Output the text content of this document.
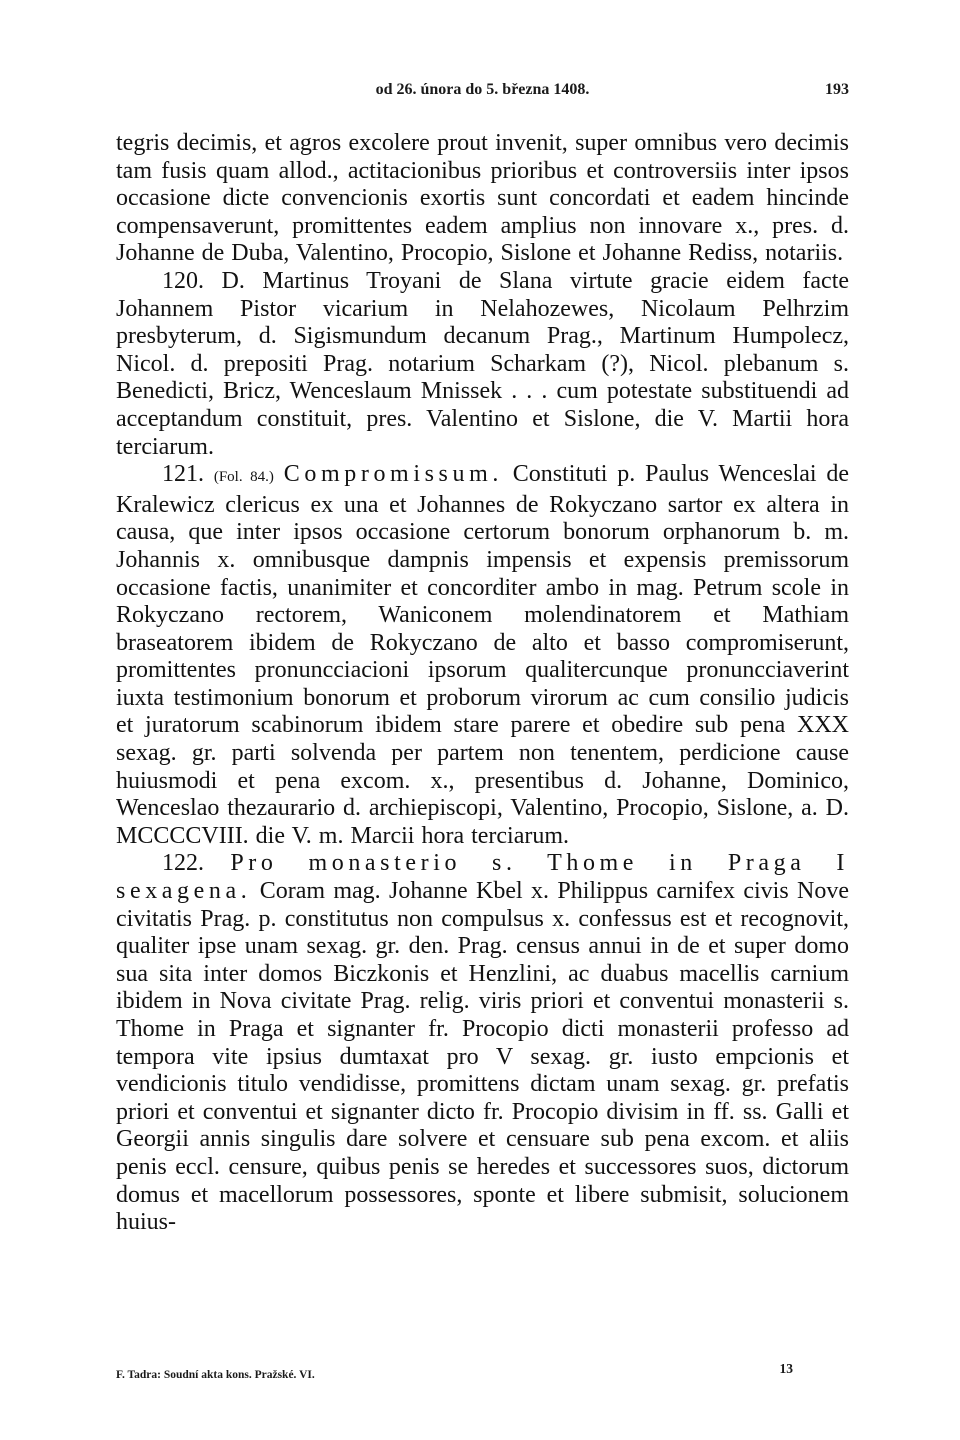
od 26. února do 5. března 1408.	193

tegris decimis, et agros excolere prout invenit, super omnibus vero decimis tam fusis quam allod., actitacionibus prioribus et controversiis inter ipsos occasione dicte convencionis exortis sunt concordati et eadem hincinde compensaverunt, promittentes eadem amplius non innovare x., pres. d. Johanne de Duba, Valentino, Procopio, Sislone et Johanne Rediss, notariis.

120. D. Martinus Troyani de Slana virtute gracie eidem facte Johannem Pistor vicarium in Nelahozewes, Nicolaum Pelhrzim presbyterum, d. Sigismundum decanum Prag., Martinum Humpolecz, Nicol. d. prepositi Prag. notarium Scharkam (?), Nicol. plebanum s. Benedicti, Bricz, Wenceslaum Mnissek . . . cum potestate substituendi ad acceptandum constituit, pres. Valentino et Sislone, die V. Martii hora terciarum.

121. (Fol. 84.) Compromissum. Constituti p. Paulus Wenceslai de Kralewicz clericus ex una et Johannes de Rokyczano sartor ex altera in causa, que inter ipsos occasione certorum bonorum orphanorum b. m. Johannis x. omnibusque dampnis impensis et expensis premissorum occasione factis, unanimiter et concorditer ambo in mag. Petrum scole in Rokyczano rectorem, Waniconem molendinatorem et Mathiam braseatorem ibidem de Rokyczano de alto et basso compromiserunt, promittentes pronuncciacioni ipsorum qualitercunque pronuncciaverint iuxta testimonium bonorum et proborum virorum ac cum consilio judicis et juratorum scabinorum ibidem stare parere et obedire sub pena XXX sexag. gr. parti solvenda per partem non tenentem, perdicione cause huiusmodi et pena excom. x., presentibus d. Johanne, Dominico, Wenceslao thezaurario d. archiepiscopi, Valentino, Procopio, Sislone, a. D. MCCCCVIII. die V. m. Marcii hora terciarum.

122. Pro monasterio s. Thome in Praga I sexagena. Coram mag. Johanne Kbel x. Philippus carnifex civis Nove civitatis Prag. p. constitutus non compulsus x. confessus est et recognovit, qualiter ipse unam sexag. gr. den. Prag. census annui in de et super domo sua sita inter domos Biczkonis et Henzlini, ac duabus macellis carnium ibidem in Nova civitate Prag. relig. viris priori et conventui monasterii s. Thome in Praga et signanter fr. Procopio dicti monasterii professo ad tempora vite ipsius dumtaxat pro V sexag. gr. iusto empcionis et vendicionis titulo vendidisse, promittens dictam unam sexag. gr. prefatis priori et conventui et signanter dicto fr. Procopio divisim in ff. ss. Galli et Georgii annis singulis dare solvere et censuare sub pena excom. et aliis penis eccl. censure, quibus penis se heredes et successores suos, dictorum domus et macellorum possessores, sponte et libere submisit, solucionem huius-

F. Tadra: Soudní akta kons. Pražské. VI.	13
